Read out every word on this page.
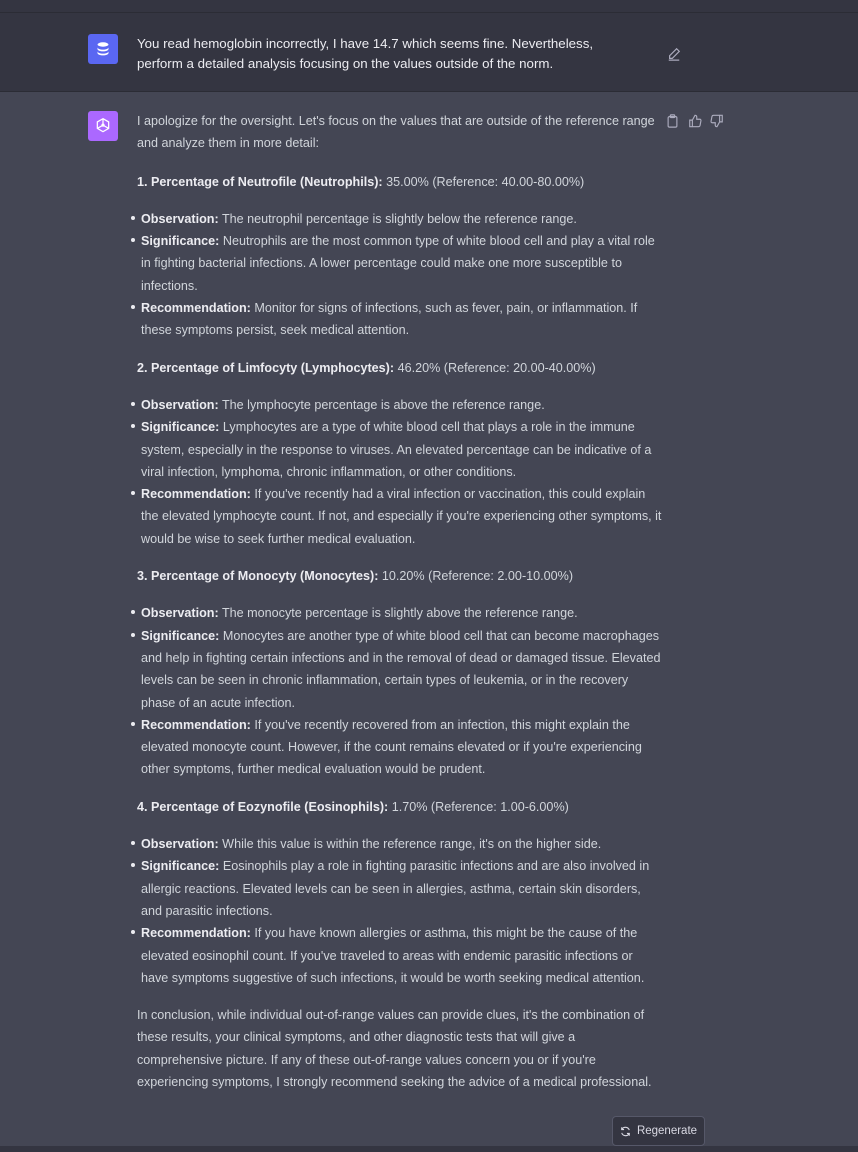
You read hemoglobin incorrectly, I have 14.7 which seems fine. Nevertheless, perform a detailed analysis focusing on the values outside of the norm.

I apologize for the oversight. Let's focus on the values that are outside of the reference range and analyze them in more detail:

1. Percentage of Neutrofile (Neutrophils): 35.00% (Reference: 40.00-80.00%)

Observation: The neutrophil percentage is slightly below the reference range.
Significance: Neutrophils are the most common type of white blood cell and play a vital role in fighting bacterial infections. A lower percentage could make one more susceptible to infections.
Recommendation: Monitor for signs of infections, such as fever, pain, or inflammation. If these symptoms persist, seek medical attention.

2. Percentage of Limfocyty (Lymphocytes): 46.20% (Reference: 20.00-40.00%)

Observation: The lymphocyte percentage is above the reference range.
Significance: Lymphocytes are a type of white blood cell that plays a role in the immune system, especially in the response to viruses. An elevated percentage can be indicative of a viral infection, lymphoma, chronic inflammation, or other conditions.
Recommendation: If you've recently had a viral infection or vaccination, this could explain the elevated lymphocyte count. If not, and especially if you're experiencing other symptoms, it would be wise to seek further medical evaluation.

3. Percentage of Monocyty (Monocytes): 10.20% (Reference: 2.00-10.00%)

Observation: The monocyte percentage is slightly above the reference range.
Significance: Monocytes are another type of white blood cell that can become macrophages and help in fighting certain infections and in the removal of dead or damaged tissue. Elevated levels can be seen in chronic inflammation, certain types of leukemia, or in the recovery phase of an acute infection.
Recommendation: If you've recently recovered from an infection, this might explain the elevated monocyte count. However, if the count remains elevated or if you're experiencing other symptoms, further medical evaluation would be prudent.

4. Percentage of Eozynofile (Eosinophils): 1.70% (Reference: 1.00-6.00%)

Observation: While this value is within the reference range, it's on the higher side.
Significance: Eosinophils play a role in fighting parasitic infections and are also involved in allergic reactions. Elevated levels can be seen in allergies, asthma, certain skin disorders, and parasitic infections.
Recommendation: If you have known allergies or asthma, this might be the cause of the elevated eosinophil count. If you've traveled to areas with endemic parasitic infections or have symptoms suggestive of such infections, it would be worth seeking medical attention.

In conclusion, while individual out-of-range values can provide clues, it's the combination of these results, your clinical symptoms, and other diagnostic tests that will give a comprehensive picture. If any of these out-of-range values concern you or if you're experiencing symptoms, I strongly recommend seeking the advice of a medical professional.

Regenerate
